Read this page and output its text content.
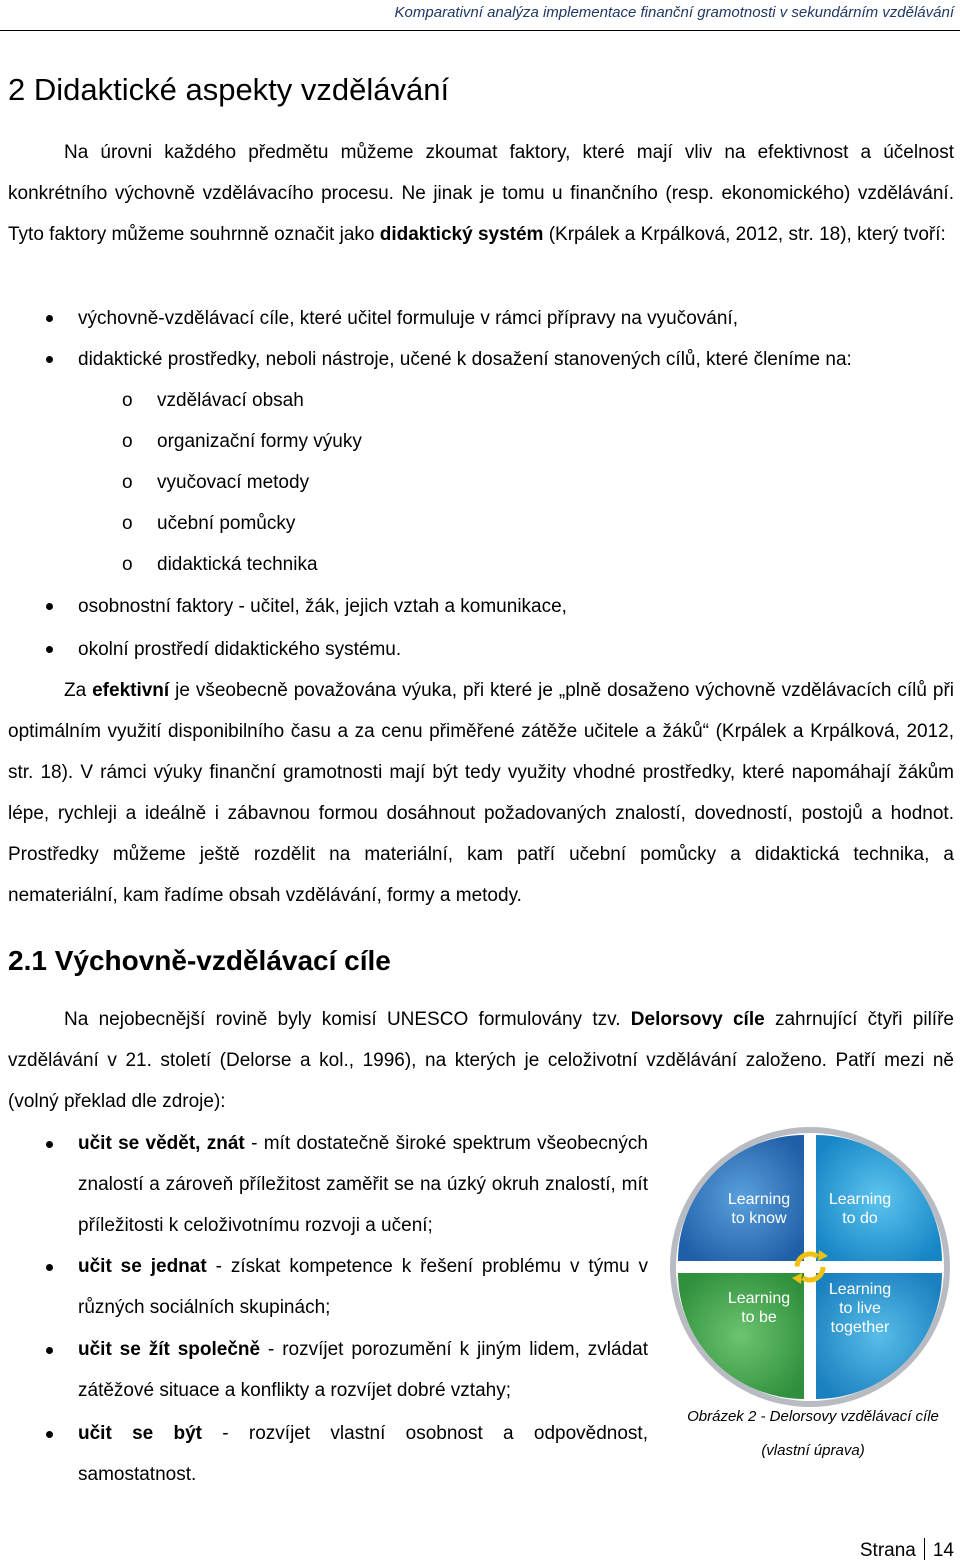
Komparativní analýza implementace finanční gramotnosti v sekundárním vzdělávání
2 Didaktické aspekty vzdělávání

Na úrovni každého předmětu můžeme zkoumat faktory, které mají vliv na efektivnost a účelnost konkrétního výchovně vzdělávacího procesu. Ne jinak je tomu u finančního (resp. ekonomického) vzdělávání. Tyto faktory můžeme souhrnně označit jako didaktický systém (Krpálek a Krpálková, 2012, str. 18), který tvoří:

výchovně-vzdělávací cíle, které učitel formuluje v rámci přípravy na vyučování,
didaktické prostředky, neboli nástroje, učené k dosažení stanovených cílů, které členíme na:
o vzdělávací obsah
o organizační formy výuky
o vyučovací metody
o učební pomůcky
o didaktická technika
osobnostní faktory - učitel, žák, jejich vztah a komunikace,
okolní prostředí didaktického systému.

Za efektivní je všeobecně považována výuka, při které je „plně dosaženo výchovně vzdělávacích cílů při optimálním využití disponibilního času a za cenu přiměřené zátěže učitele a žáků“ (Krpálek a Krpálková, 2012, str. 18). V rámci výuky finanční gramotnosti mají být tedy využity vhodné prostředky, které napomáhají žákům lépe, rychleji a ideálně i zábavnou formou dosáhnout požadovaných znalostí, dovedností, postojů a hodnot. Prostředky můžeme ještě rozdělit na materiální, kam patří učební pomůcky a didaktická technika, a nemateriální, kam řadíme obsah vzdělávání, formy a metody.

2.1 Výchovně-vzdělávací cíle

Na nejobecnější rovině byly komisí UNESCO formulovány tzv. Delorsovy cíle zahrnující čtyři pilíře vzdělávání v 21. století (Delorse a kol., 1996), na kterých je celoživotní vzdělávání založeno. Patří mezi ně (volný překlad dle zdroje):

učit se vědět, znát - mít dostatečně široké spektrum všeobecných znalostí a zároveň příležitost zaměřit se na úzký okruh znalostí, mít příležitosti k celoživotnímu rozvoji a učení;

učit se jednat - získat kompetence k řešení problému v týmu v různých sociálních skupinách;

učit se žít společně - rozvíjet porozumění k jiným lidem, zvládat zátěžové situace a konflikty a rozvíjet dobré vztahy;

učit se být - rozvíjet vlastní osobnost a odpovědnost, samostatnost.

Learning
to know
Learning
to do
Learning
to be
Learning
to live
together
Obrázek 2 - Delorsovy vzdělávací cíle
(vlastní úprava)
Strana 14
